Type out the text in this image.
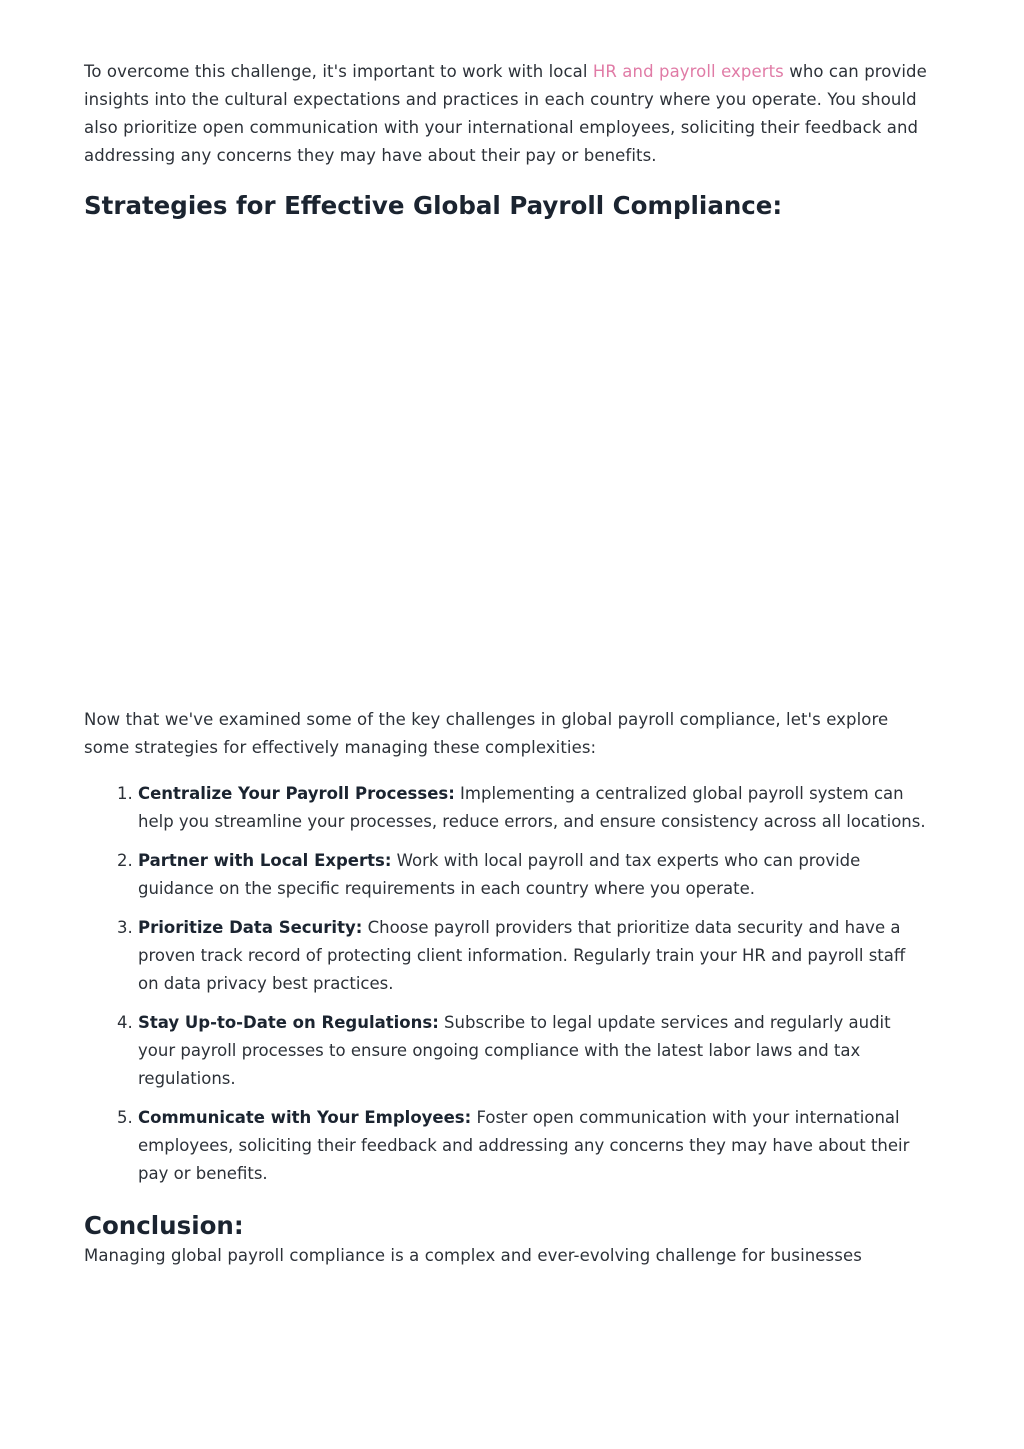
To overcome this challenge, it's important to work with local HR and payroll experts who can provide insights into the cultural expectations and practices in each country where you operate. You should also prioritize open communication with your international employees, soliciting their feedback and addressing any concerns they may have about their pay or benefits.

Strategies for Effective Global Payroll Compliance:

Now that we've examined some of the key challenges in global payroll compliance, let's explore some strategies for effectively managing these complexities:

1. Centralize Your Payroll Processes: Implementing a centralized global payroll system can help you streamline your processes, reduce errors, and ensure consistency across all locations.
2. Partner with Local Experts: Work with local payroll and tax experts who can provide guidance on the specific requirements in each country where you operate.
3. Prioritize Data Security: Choose payroll providers that prioritize data security and have a proven track record of protecting client information. Regularly train your HR and payroll staff on data privacy best practices.
4. Stay Up-to-Date on Regulations: Subscribe to legal update services and regularly audit your payroll processes to ensure ongoing compliance with the latest labor laws and tax regulations.
5. Communicate with Your Employees: Foster open communication with your international employees, soliciting their feedback and addressing any concerns they may have about their pay or benefits.
Conclusion:

Managing global payroll compliance is a complex and ever-evolving challenge for businesses
